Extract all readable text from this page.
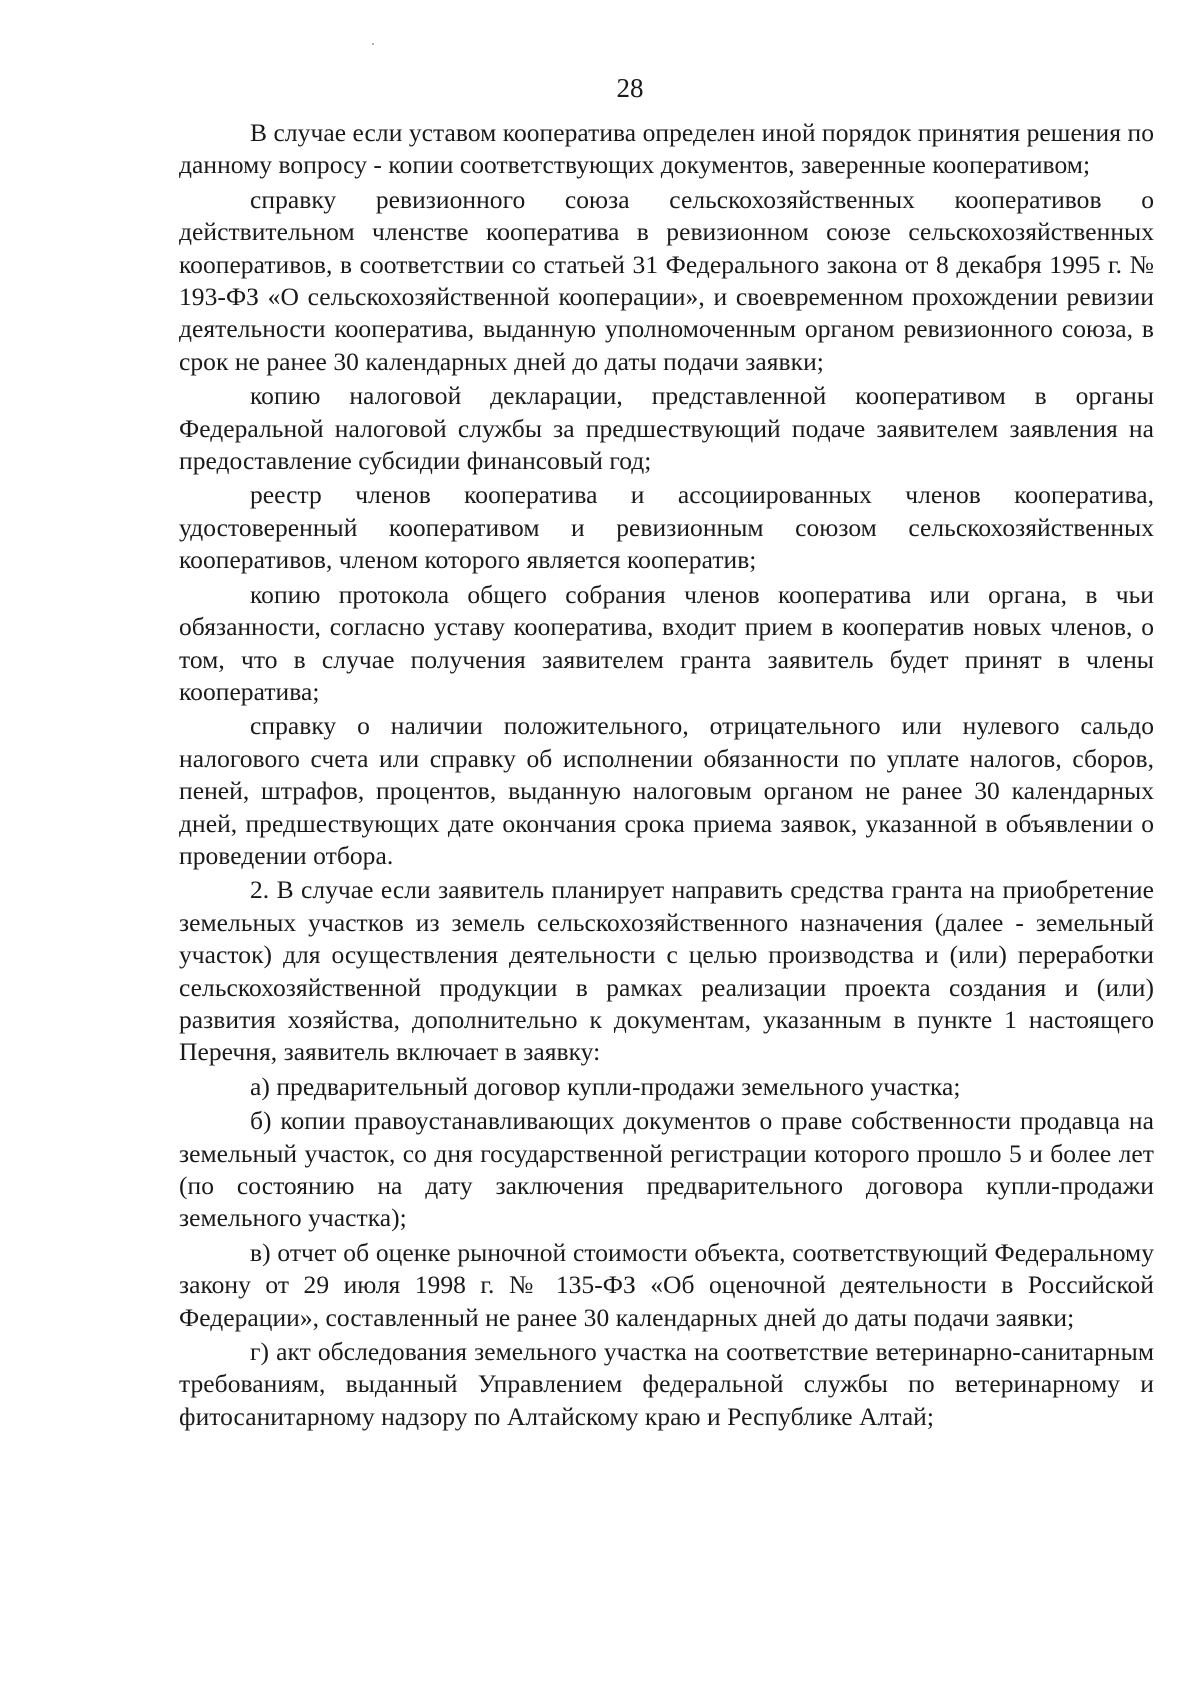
28

В случае если уставом кооператива определен иной порядок принятия решения по данному вопросу - копии соответствующих документов, заверенные кооперативом;

справку ревизионного союза сельскохозяйственных кооперативов о действительном членстве кооператива в ревизионном союзе сельскохозяйственных кооперативов, в соответствии со статьей 31 Федерального закона от 8 декабря 1995 г. № 193-ФЗ «О сельскохозяйственной кооперации», и своевременном прохождении ревизии деятельности кооператива, выданную уполномоченным органом ревизионного союза, в срок не ранее 30 календарных дней до даты подачи заявки;

копию налоговой декларации, представленной кооперативом в органы Федеральной налоговой службы за предшествующий подаче заявителем заявления на предоставление субсидии финансовый год;

реестр членов кооператива и ассоциированных членов кооператива, удостоверенный кооперативом и ревизионным союзом сельскохозяйственных кооперативов, членом которого является кооператив;

копию протокола общего собрания членов кооператива или органа, в чьи обязанности, согласно уставу кооператива, входит прием в кооператив новых членов, о том, что в случае получения заявителем гранта заявитель будет принят в члены кооператива;

справку о наличии положительного, отрицательного или нулевого сальдо налогового счета или справку об исполнении обязанности по уплате налогов, сборов, пеней, штрафов, процентов, выданную налоговым органом не ранее 30 календарных дней, предшествующих дате окончания срока приема заявок, указанной в объявлении о проведении отбора.

2. В случае если заявитель планирует направить средства гранта на приобретение земельных участков из земель сельскохозяйственного назначения (далее - земельный участок) для осуществления деятельности с целью производства и (или) переработки сельскохозяйственной продукции в рамках реализации проекта создания и (или) развития хозяйства, дополнительно к документам, указанным в пункте 1 настоящего Перечня, заявитель включает в заявку:

а) предварительный договор купли-продажи земельного участка;

б) копии правоустанавливающих документов о праве собственности продавца на земельный участок, со дня государственной регистрации которого прошло 5 и более лет (по состоянию на дату заключения предварительного договора купли-продажи земельного участка);

в) отчет об оценке рыночной стоимости объекта, соответствующий Федеральному закону от 29 июля 1998 г. № 135-ФЗ «Об оценочной деятельности в Российской Федерации», составленный не ранее 30 календарных дней до даты подачи заявки;

г) акт обследования земельного участка на соответствие ветеринарно-санитарным требованиям, выданный Управлением федеральной службы по ветеринарному и фитосанитарному надзору по Алтайскому краю и Республике Алтай;
